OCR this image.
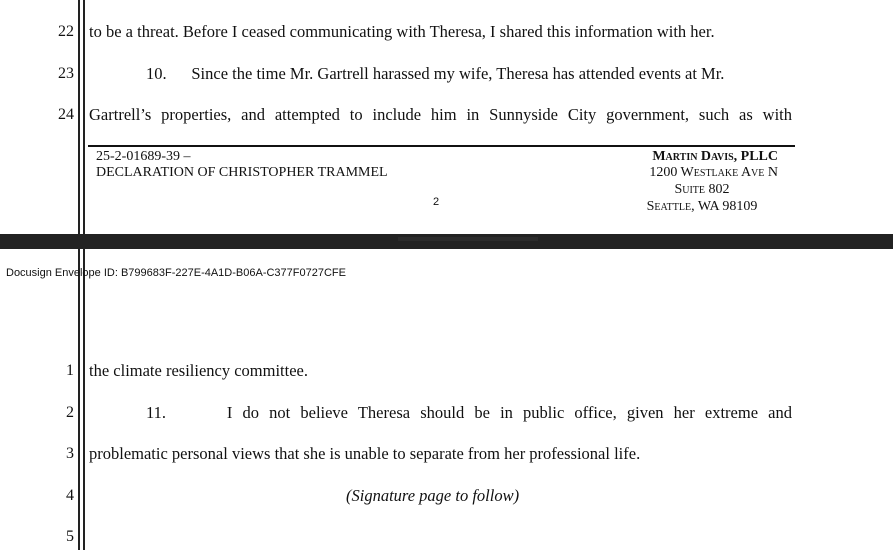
22 to be a threat. Before I ceased communicating with Theresa, I shared this information with her.
23	10.      Since the time Mr. Gartrell harassed my wife, Theresa has attended events at Mr.
24 Gartrell’s properties, and attempted to include him in Sunnyside City government, such as with
25-2-01689-39 –
DECLARATION OF CHRISTOPHER TRAMMEL
2
Martin Davis, PLLC
1200 Westlake Ave N
Suite 802
Seattle, WA 98109
Docusign Envelope ID: B799683F-227E-4A1D-B06A-C377F0727CFE
1 the climate resiliency committee.
2	11.      I do not believe Theresa should be in public office, given her extreme and
3 problematic personal views that she is unable to separate from her professional life.
4	(Signature page to follow)
5
